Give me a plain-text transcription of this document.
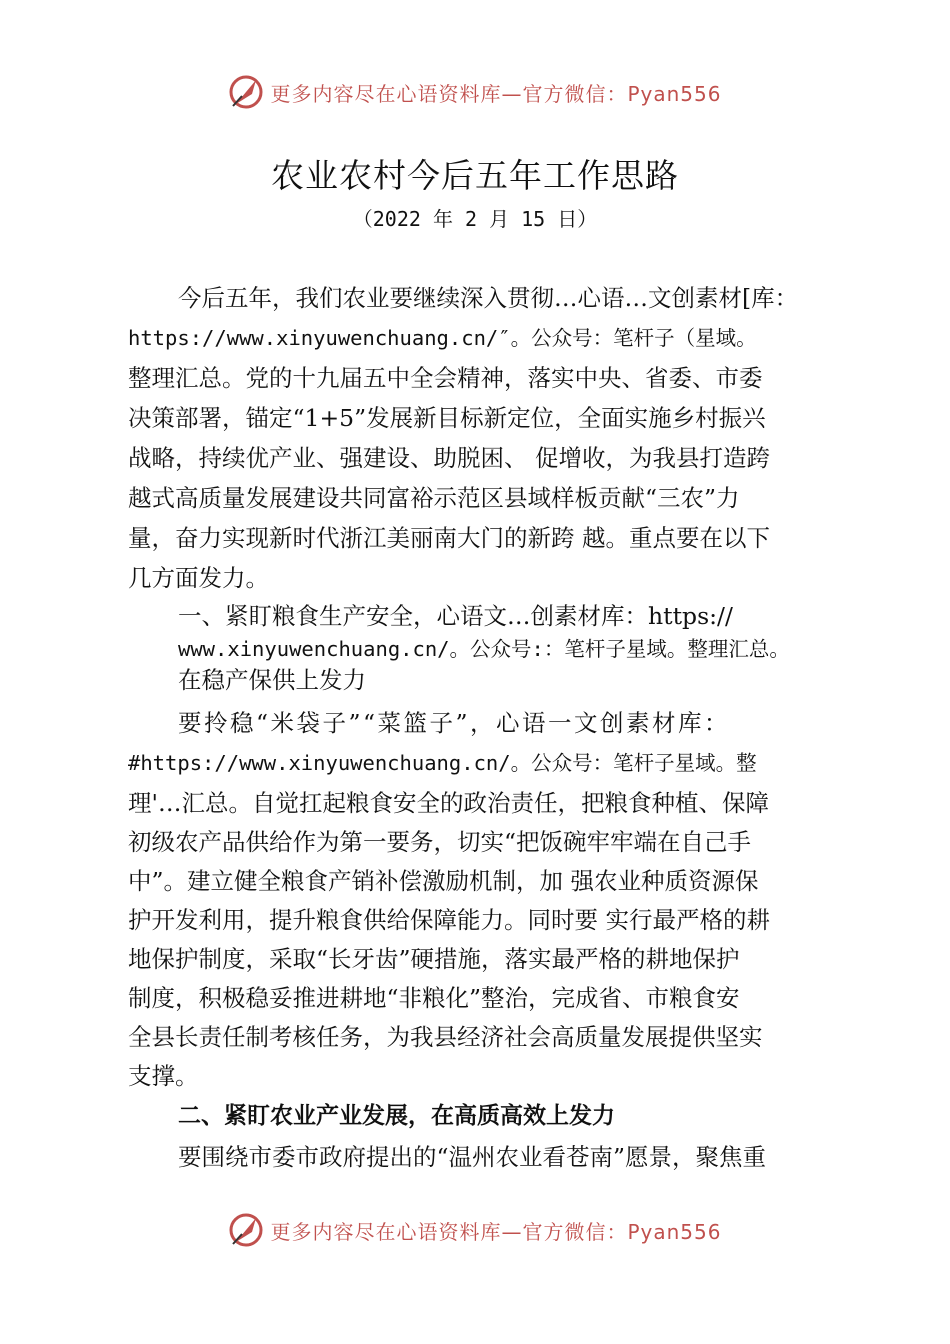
更多内容尽在心语资料库—官方微信：Pyan556
农业农村今后五年工作思路
（2022 年 2 月 15 日）
今后五年，我们农业要继续深入贯彻…心语…文创素材[库：
https://www.xinyuwenchuang.cn/″。公众号：笔杆子（星域。
整理汇总。党的十九届五中全会精神，落实中央、省委、市委
决策部署，锚定“1+5”发展新目标新定位，全面实施乡村振兴
战略，持续优产业、强建设、助脱困、 促增收，为我县打造跨
越式高质量发展建设共同富裕示范区县域样板贡献“三农”力
量，奋力实现新时代浙江美丽南大门的新跨 越。重点要在以下
几方面发力。
一、紧盯粮食生产安全，心语文…创素材库：https://
www.xinyuwenchuang.cn/。公众号:：笔杆子星域。整理汇总。
在稳产保供上发力
要拎稳“米袋子”“菜篮子”，心语一文创素材库：
#https://www.xinyuwenchuang.cn/。公众号：笔杆子星域。整
理'…汇总。自觉扛起粮食安全的政治责任，把粮食种植、保障
初级农产品供给作为第一要务，切实“把饭碗牢牢端在自己手
中”。建立健全粮食产销补偿激励机制，加 强农业种质资源保
护开发利用，提升粮食供给保障能力。同时要 实行最严格的耕
地保护制度，采取“长牙齿”硬措施，落实最严格的耕地保护
制度，积极稳妥推进耕地“非粮化”整治，完成省、市粮食安
全县长责任制考核任务，为我县经济社会高质量发展提供坚实
支撑。
二、紧盯农业产业发展，在高质高效上发力
要围绕市委市政府提出的“温州农业看苍南”愿景，聚焦重
更多内容尽在心语资料库—官方微信：Pyan556
